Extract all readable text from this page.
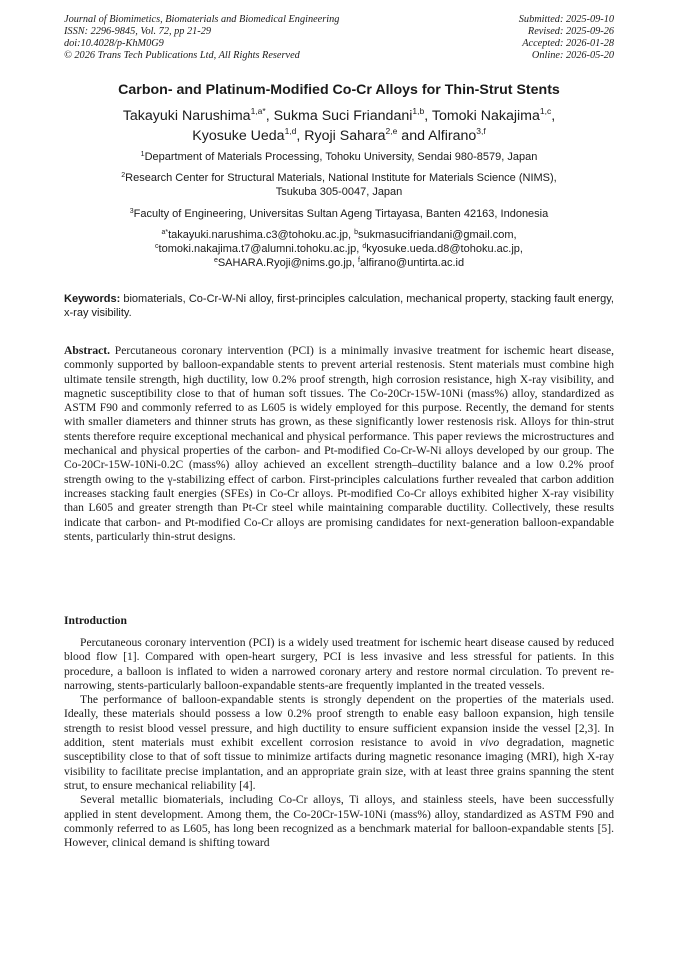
Journal of Biomimetics, Biomaterials and Biomedical Engineering
ISSN: 2296-9845, Vol. 72, pp 21-29
doi:10.4028/p-KhM0G9
© 2026 Trans Tech Publications Ltd, All Rights Reserved
Submitted: 2025-09-10
Revised: 2025-09-26
Accepted: 2026-01-28
Online: 2026-05-20
Carbon- and Platinum-Modified Co-Cr Alloys for Thin-Strut Stents
Takayuki Narushima$^{1,a*}$, Sukma Suci Friandani$^{1,b}$, Tomoki Nakajima$^{1,c}$,
Kyosuke Ueda$^{1,d}$, Ryoji Sahara$^{2,e}$ and Alfirano$^{3,f}$
$^1$Department of Materials Processing, Tohoku University, Sendai 980-8579, Japan
$^2$Research Center for Structural Materials, National Institute for Materials Science (NIMS),
Tsukuba 305-0047, Japan
$^3$Faculty of Engineering, Universitas Sultan Ageng Tirtayasa, Banten 42163, Indonesia
$^{a*}$takayuki.narushima.c3@tohoku.ac.jp, $^b$sukmasucifriandani@gmail.com,
$^c$tomoki.nakajima.t7@alumni.tohoku.ac.jp, $^d$kyosuke.ueda.d8@tohoku.ac.jp,
$^e$SAHARA.Ryoji@nims.go.jp, $^f$alfirano@untirta.ac.id
Keywords: biomaterials, Co-Cr-W-Ni alloy, first-principles calculation, mechanical property, stacking fault energy, x-ray visibility.
Abstract. Percutaneous coronary intervention (PCI) is a minimally invasive treatment for ischemic heart disease, commonly supported by balloon-expandable stents to prevent arterial restenosis. Stent materials must combine high ultimate tensile strength, high ductility, low 0.2% proof strength, high corrosion resistance, high X-ray visibility, and magnetic susceptibility close to that of human soft tissues. The Co-20Cr-15W-10Ni (mass%) alloy, standardized as ASTM F90 and commonly referred to as L605 is widely employed for this purpose. Recently, the demand for stents with smaller diameters and thinner struts has grown, as these significantly lower restenosis risk. Alloys for thin-strut stents therefore require exceptional mechanical and physical performance. This paper reviews the microstructures and mechanical and physical properties of the carbon- and Pt-modified Co-Cr-W-Ni alloys developed by our group. The Co-20Cr-15W-10Ni-0.2C (mass%) alloy achieved an excellent strength–ductility balance and a low 0.2% proof strength owing to the γ-stabilizing effect of carbon. First-principles calculations further revealed that carbon addition increases stacking fault energies (SFEs) in Co-Cr alloys. Pt-modified Co-Cr alloys exhibited higher X-ray visibility than L605 and greater strength than Pt-Cr steel while maintaining comparable ductility. Collectively, these results indicate that carbon- and Pt-modified Co-Cr alloys are promising candidates for next-generation balloon-expandable stents, particularly thin-strut designs.
Introduction

Percutaneous coronary intervention (PCI) is a widely used treatment for ischemic heart disease caused by reduced blood flow [1]. Compared with open-heart surgery, PCI is less invasive and less stressful for patients. In this procedure, a balloon is inflated to widen a narrowed coronary artery and restore normal circulation. To prevent re-narrowing, stents-particularly balloon-expandable stents-are frequently implanted in the treated vessels.

The performance of balloon-expandable stents is strongly dependent on the properties of the materials used. Ideally, these materials should possess a low 0.2% proof strength to enable easy balloon expansion, high tensile strength to resist blood vessel pressure, and high ductility to ensure sufficient expansion inside the vessel [2,3]. In addition, stent materials must exhibit excellent corrosion resistance to avoid in vivo degradation, magnetic susceptibility close to that of soft tissue to minimize artifacts during magnetic resonance imaging (MRI), high X-ray visibility to facilitate precise implantation, and an appropriate grain size, with at least three grains spanning the stent strut, to ensure mechanical reliability [4].

Several metallic biomaterials, including Co-Cr alloys, Ti alloys, and stainless steels, have been successfully applied in stent development. Among them, the Co-20Cr-15W-10Ni (mass%) alloy, standardized as ASTM F90 and commonly referred to as L605, has long been recognized as a benchmark material for balloon-expandable stents [5]. However, clinical demand is shifting toward
